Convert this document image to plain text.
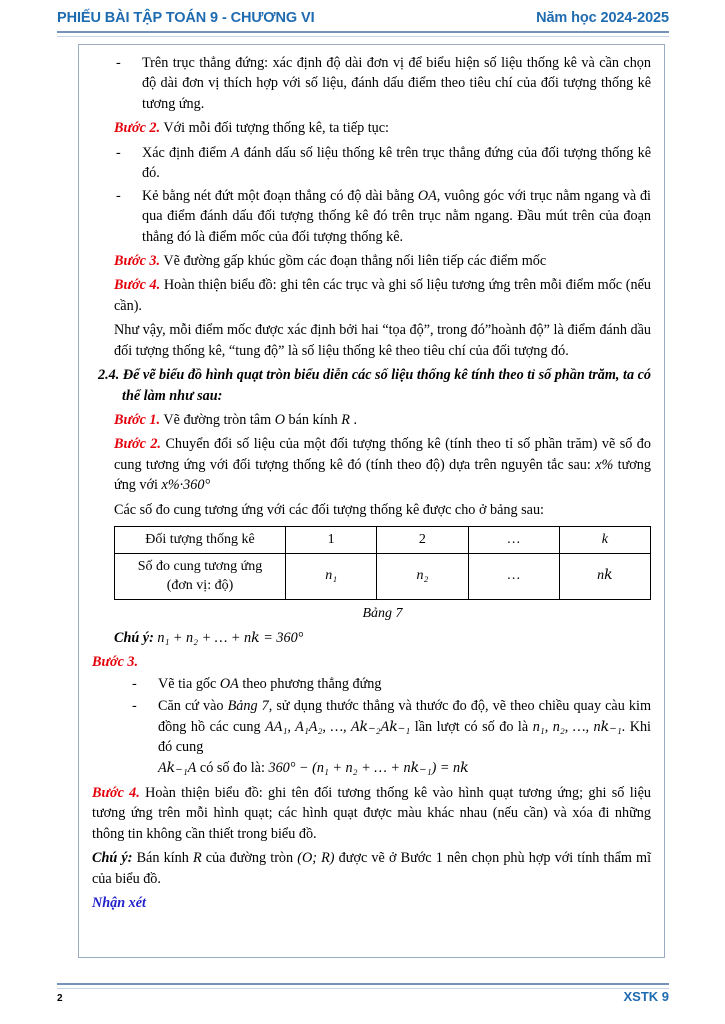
PHIẾU BÀI TẬP TOÁN 9 - CHƯƠNG VI	Năm học 2024-2025
- Trên trục thẳng đứng: xác định độ dài đơn vị để biểu hiện số liệu thống kê và cần chọn độ dài đơn vị thích hợp với số liệu, đánh dấu điểm theo tiêu chí của đối tượng thống kê tương ứng.

Bước 2. Với mỗi đối tượng thống kê, ta tiếp tục:

- Xác định điểm A đánh dấu số liệu thống kê trên trục thẳng đứng của đối tượng thống kê đó.
- Kẻ bằng nét đứt một đoạn thẳng có độ dài bằng OA, vuông góc với trục nằm ngang và đi qua điểm đánh dấu đối tượng thống kê đó trên trục nằm ngang. Đầu mút trên của đoạn thẳng đó là điểm mốc của đối tượng thống kê.

Bước 3. Vẽ đường gấp khúc gồm các đoạn thẳng nối liên tiếp các điểm mốc

Bước 4. Hoàn thiện biểu đồ: ghi tên các trục và ghi số liệu tương ứng trên mỗi điểm mốc (nếu cần).

Như vậy, mỗi điểm mốc được xác định bởi hai “tọa độ”, trong đó”hoành độ” là điểm đánh dầu đối tượng thống kê, “tung độ” là số liệu thống kê theo tiêu chí của đối tượng đó.

2.4. Để vẽ biểu đồ hình quạt tròn biểu diễn các số liệu thống kê tính theo tỉ số phần trăm, ta có
thể làm như sau:

Bước 1. Vẽ đường tròn tâm O bán kính R .

Bước 2. Chuyển đổi số liệu của một đối tượng thống kê (tính theo tỉ số phần trăm) vẽ số đo cung tương ứng với đối tượng thống kê đó (tính theo độ) dựa trên nguyên tắc sau: x% tương ứng với x%·360°

Các số đo cung tương ứng với các đối tượng thống kê được cho ở bảng sau:

Đối tượng thống kê	1	2	…	k
Số đo cung tương ứng
(đơn vị: độ)	n₁	n₂	…	n𝑘
Bảng 7

Chú ý: n₁ + n₂ + … + n𝑘 = 360°

Bước 3.

- Vẽ tia gốc OA theo phương thẳng đứng
- Căn cứ vào Bảng 7, sử dụng thước thẳng và thước đo độ, vẽ theo chiều quay càu kim đồng hồ các cung AA₁, A₁A₂, …, A𝑘₋₂A𝑘₋₁ lần lượt có số đo là n₁, n₂, …, n𝑘₋₁. Khi đó cung
A𝑘₋₁A có số đo là: 360° − (n₁ + n₂ + … + n𝑘₋₁) = n𝑘

Bước 4. Hoàn thiện biểu đồ: ghi tên đối tương thống kê vào hình quạt tương ứng; ghi số liệu tương ứng trên mỗi hình quạt; các hình quạt được màu khác nhau (nếu cần) và xóa đi những thông tin không cần thiết trong biểu đồ.

Chú ý: Bán kính R của đường tròn (O; R) được vẽ ở Bước 1 nên chọn phù hợp với tính thẩm mĩ của biểu đồ.

Nhận xét

2	XSTK 9
